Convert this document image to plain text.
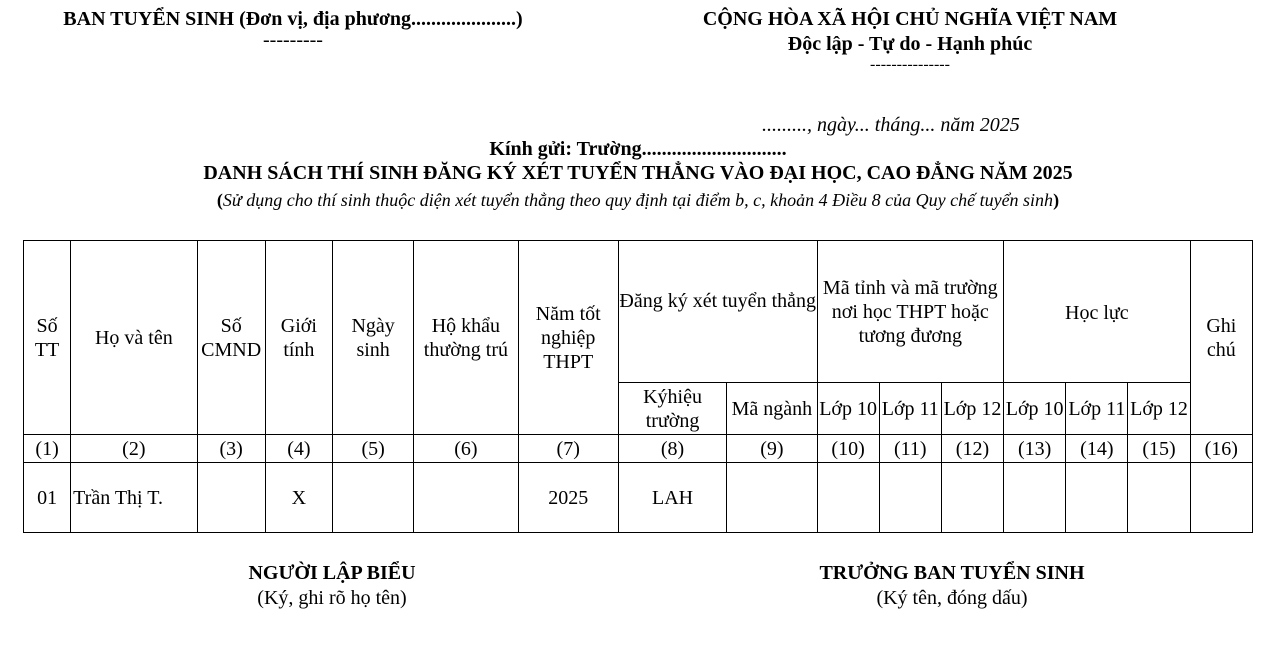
BAN TUYỂN SINH (Đơn vị, địa phương.....................)
---------
CỘNG HÒA XÃ HỘI CHỦ NGHĨA VIỆT NAM
Độc lập - Tự do - Hạnh phúc
---------------
........., ngày... tháng... năm 2025
Kính gửi: Trường.............................
DANH SÁCH THÍ SINH ĐĂNG KÝ XÉT TUYỂN THẲNG VÀO ĐẠI HỌC, CAO ĐẲNG NĂM 2025
(Sử dụng cho thí sinh thuộc diện xét tuyển thẳng theo quy định tại điểm b, c, khoản 4 Điều 8 của Quy chế tuyển sinh)
Số TT	Họ và tên	Số CMND	Giới tính	Ngày sinh	Hộ khẩu thường trú	Năm tốt nghiệp THPT	Đăng ký xét tuyển thẳng		Mã tỉnh và mã trường nơi học THPT hoặc tương đương			Học lực			Ghi chú
							Kýhiệu trường	Mã ngành	Lớp 10	Lớp 11	Lớp 12	Lớp 10	Lớp 11	Lớp 12	
(1)	(2)	(3)	(4)	(5)	(6)	(7)	(8)	(9)	(10)	(11)	(12)	(13)	(14)	(15)	(16)
01	Trần Thị T.		X			2025	LAH								
NGƯỜI LẬP BIỂU
(Ký, ghi rõ họ tên)
TRƯỞNG BAN TUYỂN SINH
(Ký tên, đóng dấu)
